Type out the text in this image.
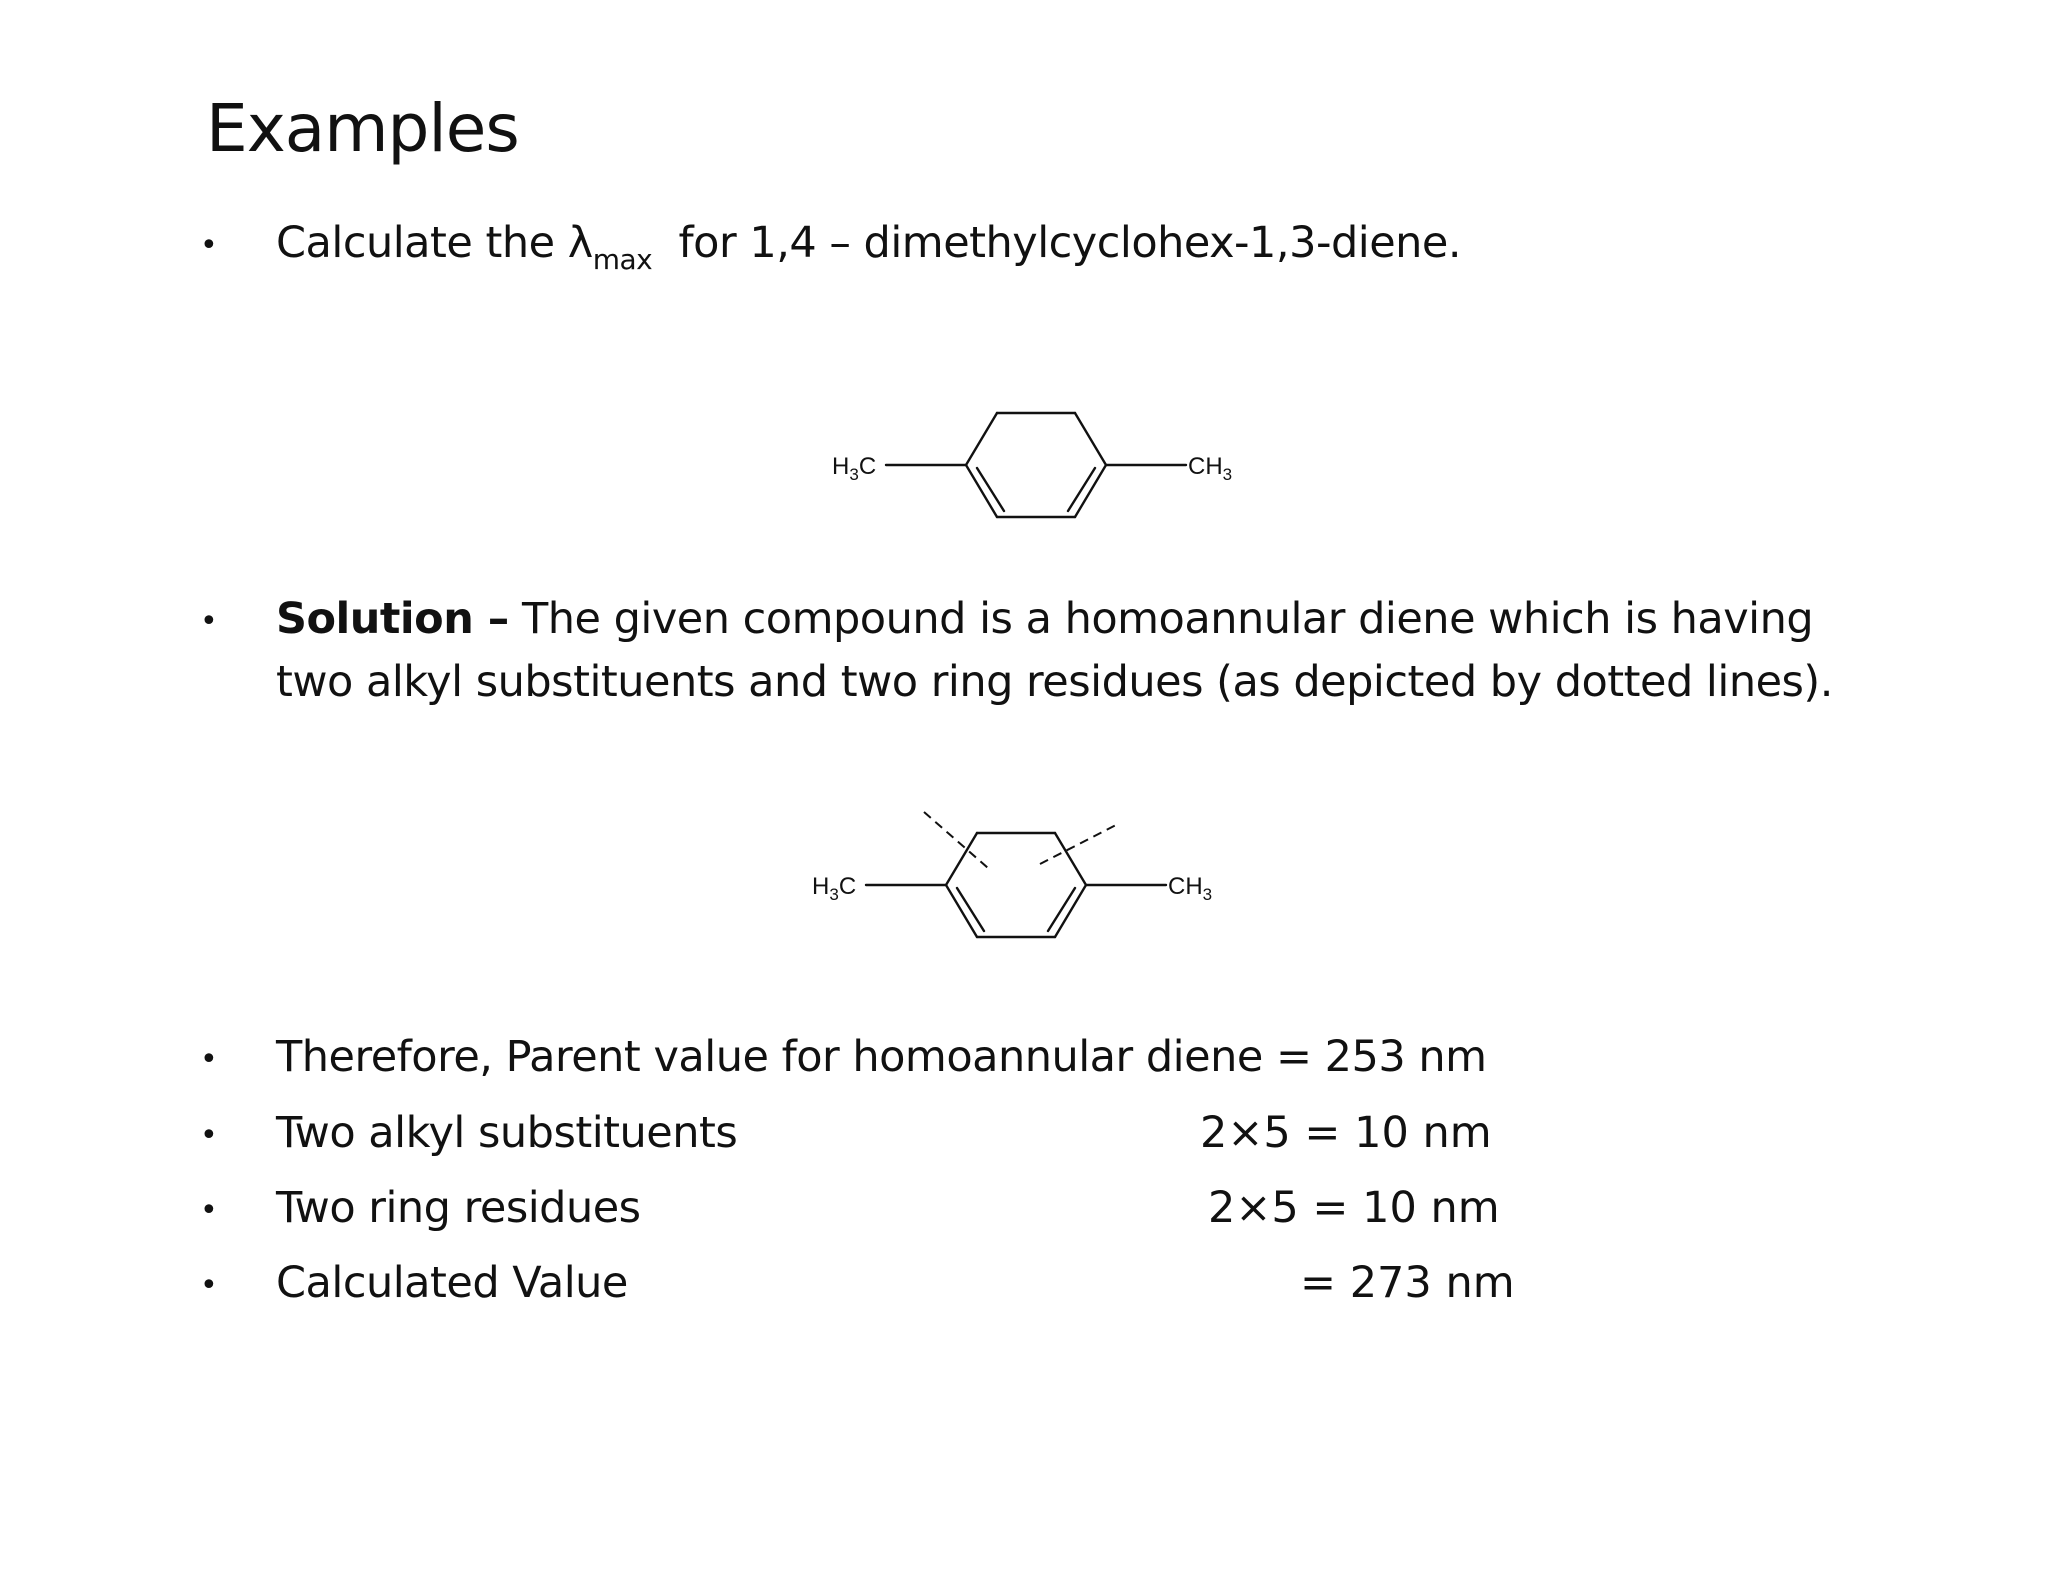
Examples
• Calculate the $\lambda_{max}$ for 1,4 – dimethylcyclohex-1,3-diene.
$H_3C$	$CH_3$
• Solution – The given compound is a homoannular diene which is having
two alkyl substituents and two ring residues (as depicted by dotted lines).
$H_3C$	$CH_3$
• Therefore, Parent value for homoannular diene = 253 nm
• Two alkyl substituents	2×5 = 10 nm
• Two ring residues	2×5 = 10 nm
• Calculated Value	= 273 nm
